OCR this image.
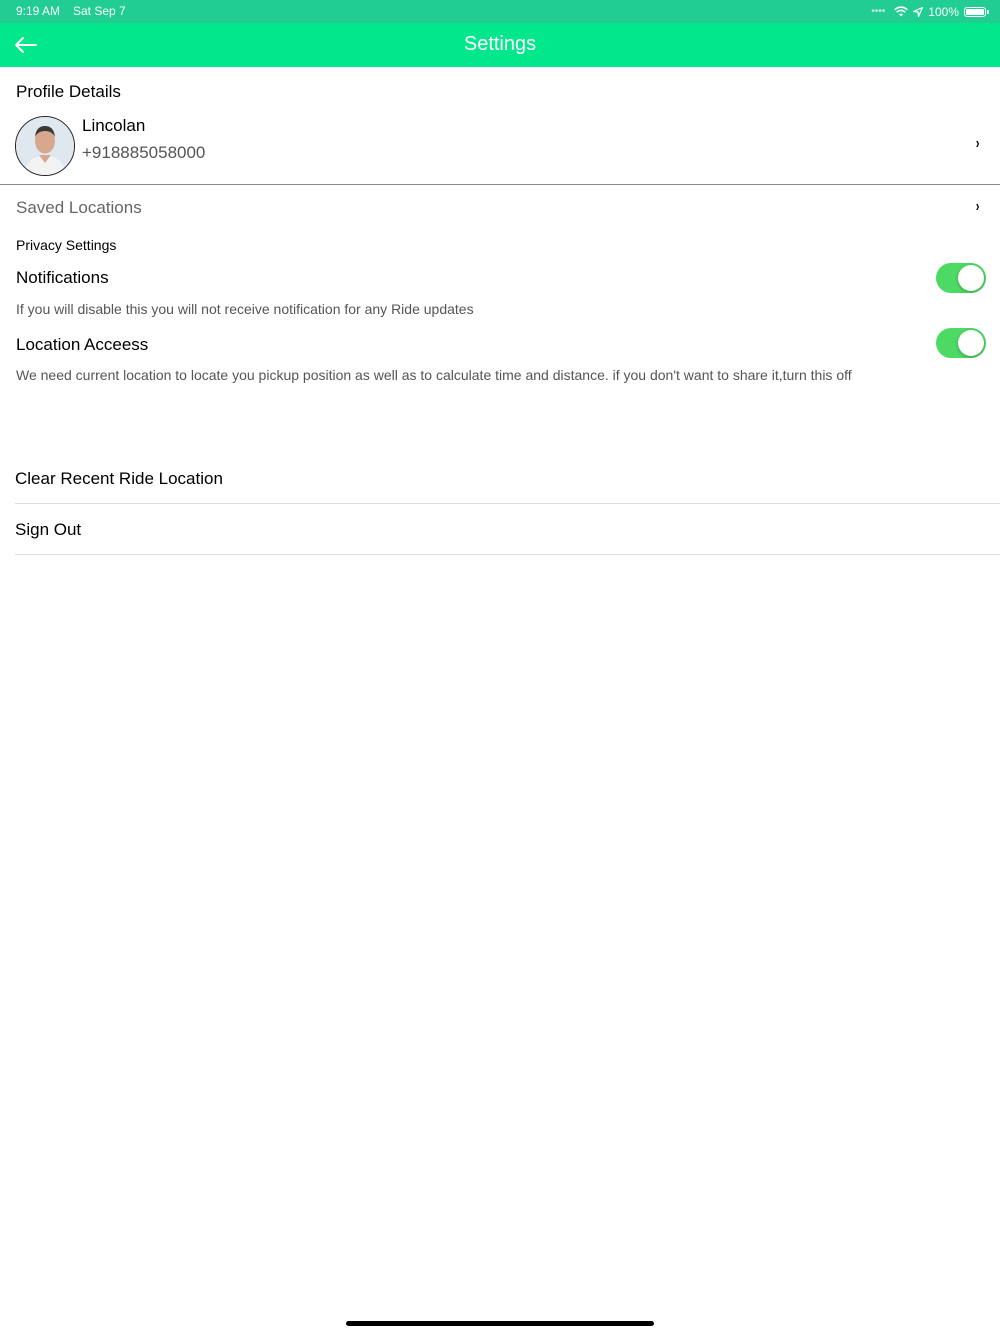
9:19 AM Sat Sep 7	••••	100%
Settings
Profile Details
Lincolan
+918885058000	›
Saved Locations	›
Privacy Settings
Notifications
If you will disable this you will not receive notification for any Ride updates
Location Acceess
We need current location to locate you pickup position as well as to calculate time and distance. if you don't want to share it,turn this off
Clear Recent Ride Location
Sign Out
